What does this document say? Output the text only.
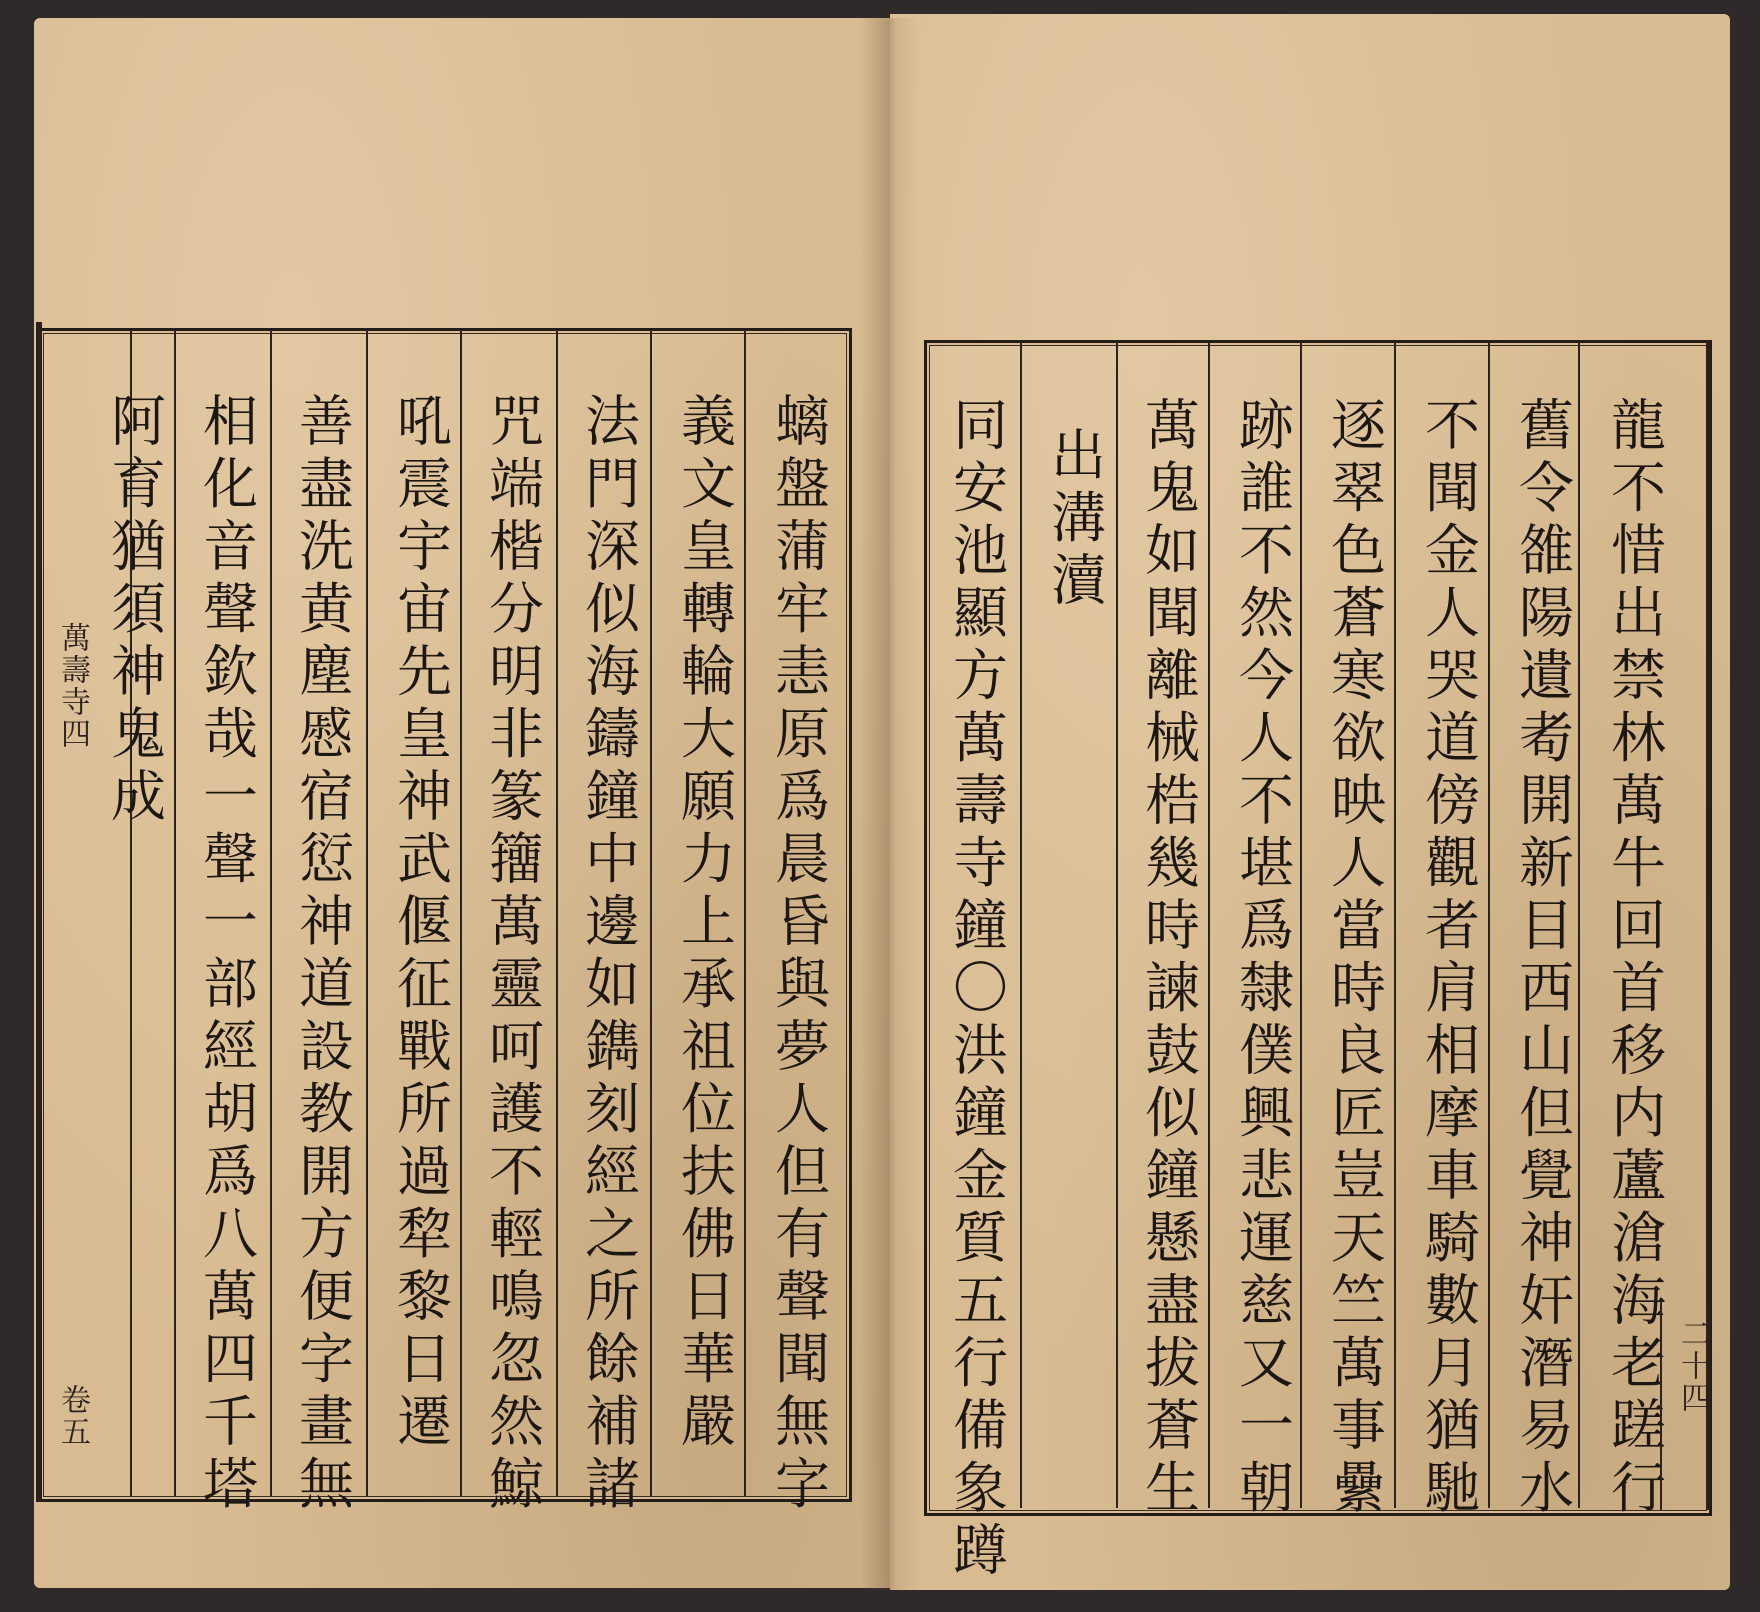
螭盤蒲牢恚原爲晨昏與夢人但有聲聞無字
義文皇轉輪大願力上承祖位扶佛日華嚴
法門深似海鑄鐘中邊如鐫刻經之所餘補諸
咒端楷分明非篆籒萬靈呵護不輕鳴忽然鯨
吼震宇宙先皇神武偃征戰所過犂黎日遷
善盡洗黄塵慼宿愆神道設教開方便字畫無
相化音聲欽哉一聲一部經胡爲八萬四千塔
阿育猶須神鬼成
萬壽寺四
卷五	龍不惜出禁林萬牛回首移内蘆滄海老蹉行
舊令雒陽遺耇開新目西山但覺神奸潛易水
不聞金人哭道傍觀者肩相摩車騎數月猶馳
逐翠色蒼寒欲映人當時良匠豈天竺萬事纍
跡誰不然今人不堪爲隸僕興悲運慈又一朝
萬鬼如聞離械梏幾時諫鼓似鐘懸盡拔蒼生
出溝瀆
同安池顯方萬壽寺鐘〇洪鐘金質五行備象蹲	二十四
